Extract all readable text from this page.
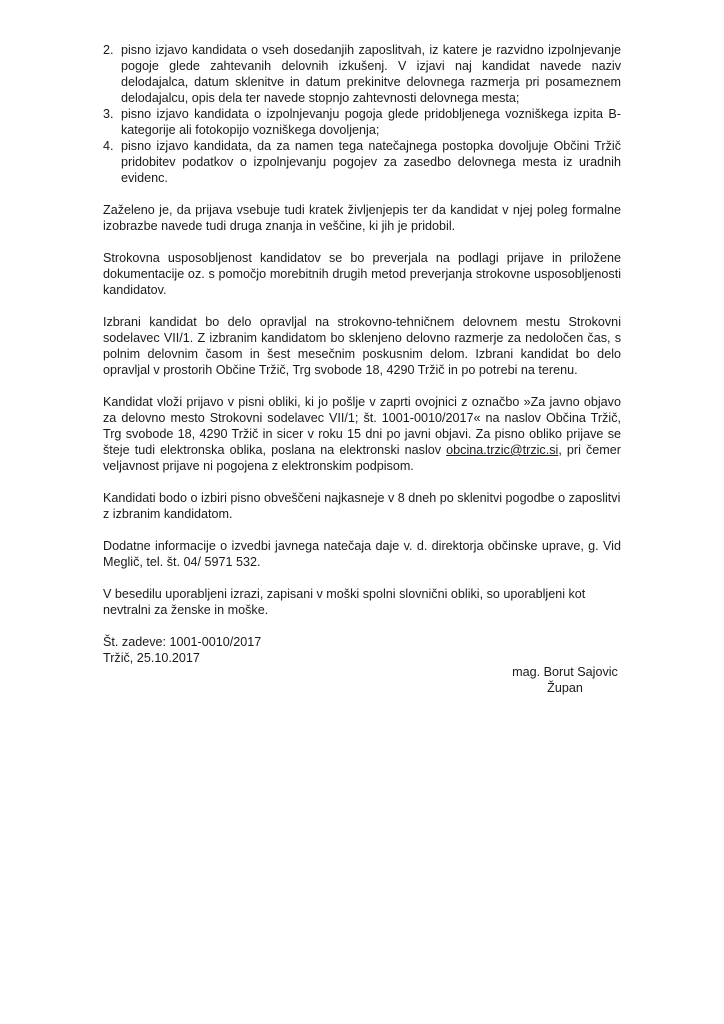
2. pisno izjavo kandidata o vseh dosedanjih zaposlitvah, iz katere je razvidno izpolnjevanje pogoje glede zahtevanih delovnih izkušenj. V izjavi naj kandidat navede naziv delodajalca, datum sklenitve in datum prekinitve delovnega razmerja pri posameznem delodajalcu, opis dela ter navede stopnjo zahtevnosti delovnega mesta;
3. pisno izjavo kandidata o izpolnjevanju pogoja glede pridobljenega vozniškega izpita B-kategorije ali fotokopijo vozniškega dovoljenja;
4. pisno izjavo kandidata, da za namen tega natečajnega postopka dovoljuje Občini Tržič pridobitev podatkov o izpolnjevanju pogojev za zasedbo delovnega mesta iz uradnih evidenc.

Zaželeno je, da prijava vsebuje tudi kratek življenjepis ter da kandidat v njej poleg formalne izobrazbe navede tudi druga znanja in veščine, ki jih je pridobil.

Strokovna usposobljenost kandidatov se bo preverjala na podlagi prijave in priložene dokumentacije oz. s pomočjo morebitnih drugih metod preverjanja strokovne usposobljenosti kandidatov.

Izbrani kandidat bo delo opravljal na strokovno-tehničnem delovnem mestu Strokovni sodelavec VII/1. Z izbranim kandidatom bo sklenjeno delovno razmerje za nedoločen čas, s polnim delovnim časom in šest mesečnim poskusnim delom. Izbrani kandidat bo delo opravljal v prostorih Občine Tržič, Trg svobode 18, 4290 Tržič in po potrebi na terenu.

Kandidat vloži prijavo v pisni obliki, ki jo pošlje v zaprti ovojnici z označbo »Za javno objavo za delovno mesto Strokovni sodelavec VII/1; št. 1001-0010/2017« na naslov Občina Tržič, Trg svobode 18, 4290 Tržič in sicer v roku 15 dni po javni objavi. Za pisno obliko prijave se šteje tudi elektronska oblika, poslana na elektronski naslov obcina.trzic@trzic.si, pri čemer veljavnost prijave ni pogojena z elektronskim podpisom.

Kandidati bodo o izbiri pisno obveščeni najkasneje v 8 dneh po sklenitvi pogodbe o zaposlitvi z izbranim kandidatom.

Dodatne informacije o izvedbi javnega natečaja daje v. d. direktorja občinske uprave, g. Vid Meglič, tel. št. 04/ 5971 532.

V besedilu uporabljeni izrazi, zapisani v moški spolni slovnični obliki, so uporabljeni kot nevtralni za ženske in moške.

Št. zadeve: 1001-0010/2017
Tržič, 25.10.2017
mag. Borut Sajovic
Župan
